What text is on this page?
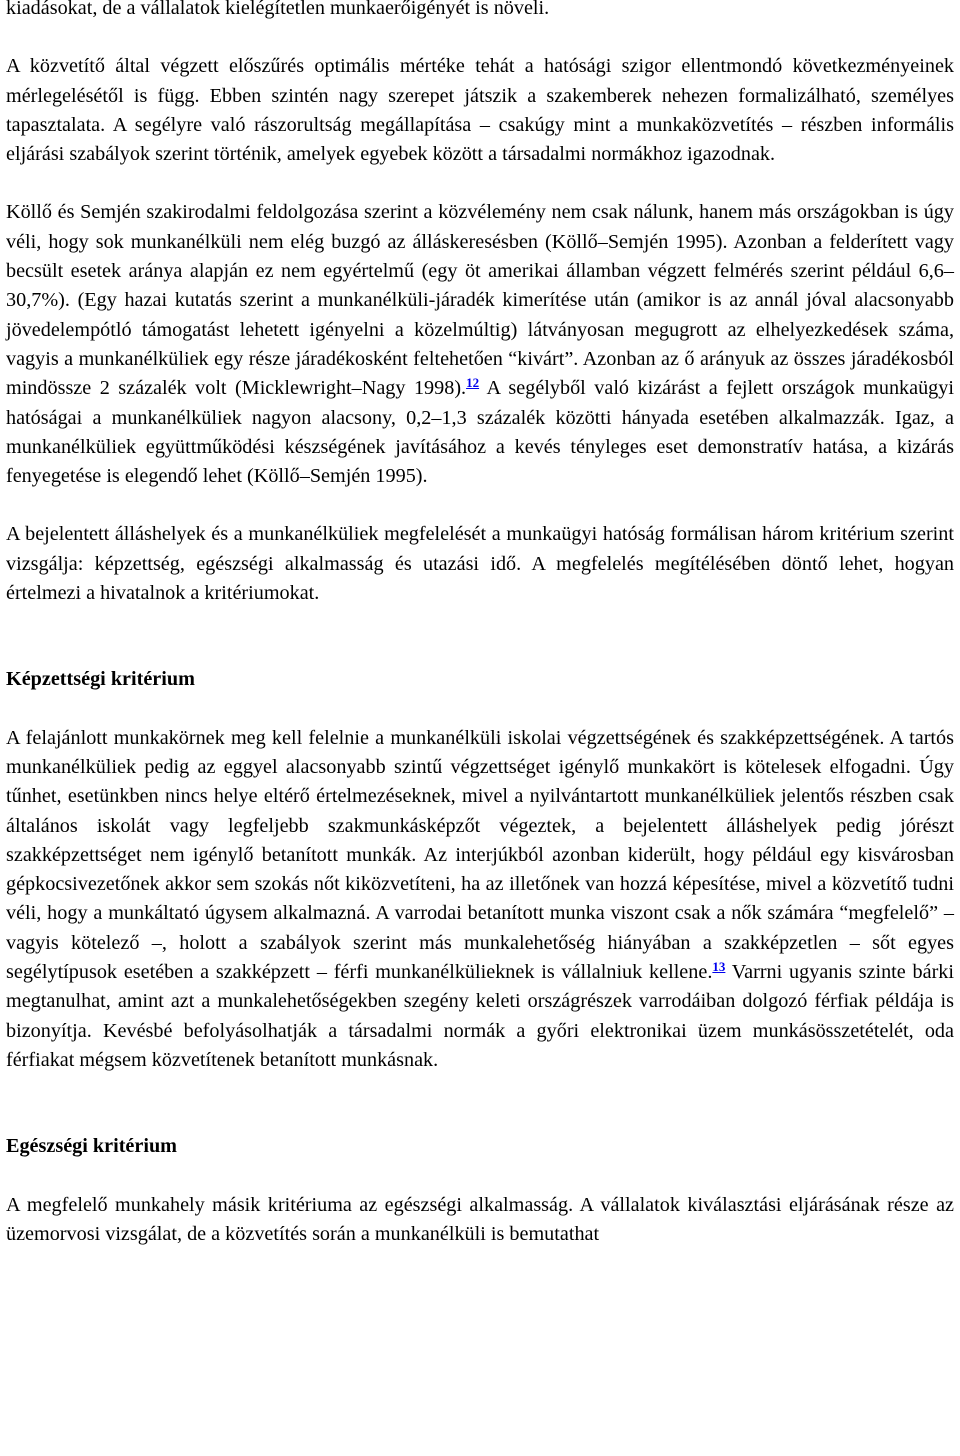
kiadásokat, de a vállalatok kielégítetlen munkaerőigényét is növeli.

A közvetítő által végzett előszűrés optimális mértéke tehát a hatósági szigor ellentmondó következményeinek mérlegelésétől is függ. Ebben szintén nagy szerepet játszik a szakemberek nehezen formalizálható, személyes tapasztalata. A segélyre való rászorultság megállapítása – csakúgy mint a munkaközvetítés – részben informális eljárási szabályok szerint történik, amelyek egyebek között a társadalmi normákhoz igazodnak.

Köllő és Semjén szakirodalmi feldolgozása szerint a közvélemény nem csak nálunk, hanem más országokban is úgy véli, hogy sok munkanélküli nem elég buzgó az álláskeresésben (Köllő–Semjén 1995). Azonban a felderített vagy becsült esetek aránya alapján ez nem egyértelmű (egy öt amerikai államban végzett felmérés szerint például 6,6–30,7%). (Egy hazai kutatás szerint a munkanélküli-járadék kimerítése után (amikor is az annál jóval alacsonyabb jövedelempótló támogatást lehetett igényelni a közelmúltig) látványosan megugrott az elhelyezkedések száma, vagyis a munkanélküliek egy része járadékosként feltehetően “kivárt”. Azonban az ő arányuk az összes járadékosból mindössze 2 százalék volt (Micklewright–Nagy 1998).$^{12}$ A segélyből való kizárást a fejlett országok munkaügyi hatóságai a munkanélküliek nagyon alacsony, 0,2–1,3 százalék közötti hányada esetében alkalmazzák. Igaz, a munkanélküliek együttműködési készségének javításához a kevés tényleges eset demonstratív hatása, a kizárás fenyegetése is elegendő lehet (Köllő–Semjén 1995).

A bejelentett álláshelyek és a munkanélküliek megfelelését a munkaügyi hatóság formálisan három kritérium szerint vizsgálja: képzettség, egészségi alkalmasság és utazási idő. A megfelelés megítélésében döntő lehet, hogyan értelmezi a hivatalnok a kritériumokat.

Képzettségi kritérium

A felajánlott munkakörnek meg kell felelnie a munkanélküli iskolai végzettségének és szakképzettségének. A tartós munkanélküliek pedig az eggyel alacsonyabb szintű végzettséget igénylő munkakört is kötelesek elfogadni. Úgy tűnhet, esetünkben nincs helye eltérő értelmezéseknek, mivel a nyilvántartott munkanélküliek jelentős részben csak általános iskolát vagy legfeljebb szakmunkásképzőt végeztek, a bejelentett álláshelyek pedig jórészt szakképzettséget nem igénylő betanított munkák. Az interjúkból azonban kiderült, hogy például egy kisvárosban gépkocsivezetőnek akkor sem szokás nőt kiközvetíteni, ha az illetőnek van hozzá képesítése, mivel a közvetítő tudni véli, hogy a munkáltató úgysem alkalmazná. A varrodai betanított munka viszont csak a nők számára “megfelelő” – vagyis kötelező –, holott a szabályok szerint más munkalehetőség hiányában a szakképzetlen – sőt egyes segélytípusok esetében a szakképzett – férfi munkanélkülieknek is vállalniuk kellene.$^{13}$ Varrni ugyanis szinte bárki megtanulhat, amint azt a munkalehetőségekben szegény keleti országrészek varrodáiban dolgozó férfiak példája is bizonyítja. Kevésbé befolyásolhatják a társadalmi normák a győri elektronikai üzem munkásösszetételét, oda férfiakat mégsem közvetítenek betanított munkásnak.

Egészségi kritérium

A megfelelő munkahely másik kritériuma az egészségi alkalmasság. A vállalatok kiválasztási eljárásának része az üzemorvosi vizsgálat, de a közvetítés során a munkanélküli is bemutathat
